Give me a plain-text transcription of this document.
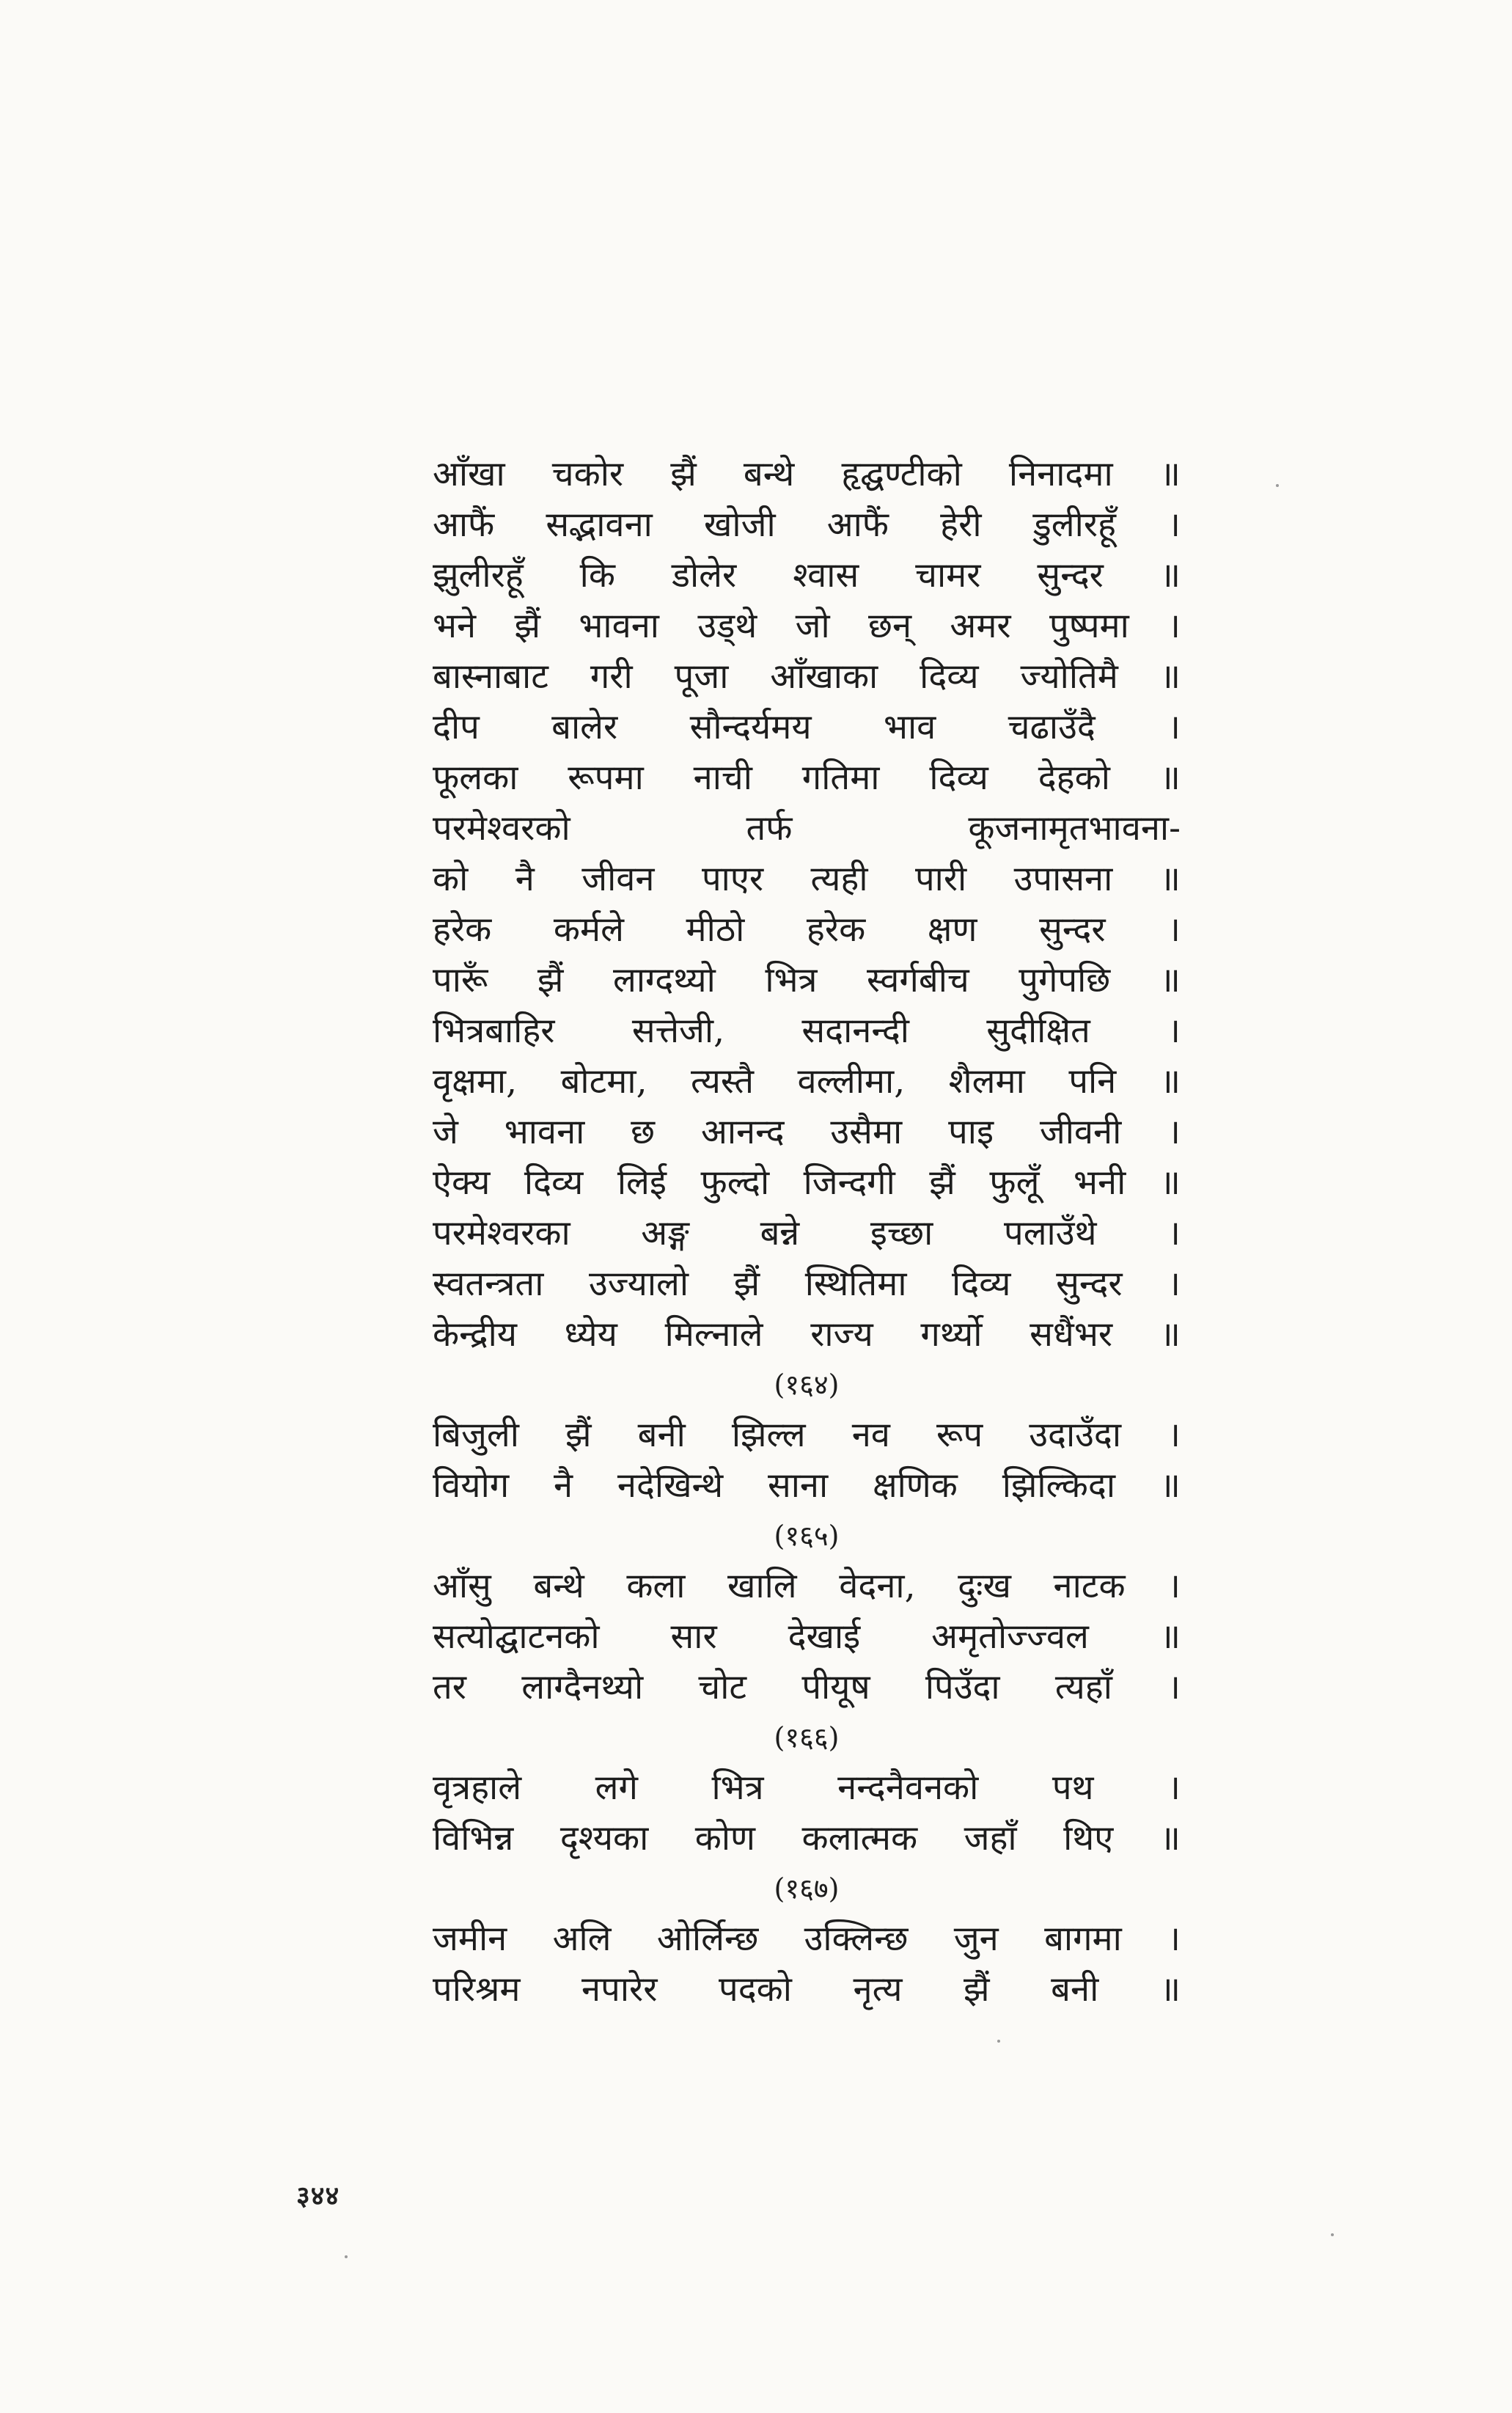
आँखा चकोर झैं बन्थे हृद्घण्टीको निनादमा ॥
आफैं सद्भावना खोजी आफैं हेरी डुलीरहूँ ।
झुलीरहूँ कि डोलेर श्वास चामर सुन्दर ॥
भने झैं भावना उड्थे जो छन् अमर पुष्पमा ।
बास्नाबाट गरी पूजा आँखाका दिव्य ज्योतिमै ॥
दीप बालेर सौन्दर्यमय भाव चढाउँदै ।
फूलका रूपमा नाची गतिमा दिव्य देहको ॥
परमेश्वरको	तर्फ	कूजनामृतभावना-
को नै जीवन पाएर त्यही पारी उपासना ॥
हरेक कर्मले मीठो हरेक क्षण सुन्दर ।
पारूँ झैं लाग्दथ्यो भित्र स्वर्गबीच पुगेपछि ॥
भित्रबाहिर सत्तेजी, सदानन्दी सुदीक्षित ।
वृक्षमा, बोटमा, त्यस्तै वल्लीमा, शैलमा पनि ॥
जे भावना छ आनन्द उसैमा पाइ जीवनी ।
ऐक्य दिव्य लिई फुल्दो जिन्दगी झैं फुलूँ भनी ॥
परमेश्वरका अङ्ग बन्ने इच्छा पलाउँथे ।
स्वतन्त्रता उज्यालो झैं स्थितिमा दिव्य सुन्दर ।
केन्द्रीय ध्येय मिल्नाले राज्य गर्थ्यो सधैंभर ॥
(१६४)
बिजुली झैं बनी झिल्ल नव रूप उदाउँदा ।
वियोग नै नदेखिन्थे साना क्षणिक झिल्किदा ॥
(१६५)
आँसु बन्थे कला खालि वेदना, दुःख नाटक ।
सत्योद्घाटनको सार देखाई अमृतोज्ज्वल ॥
तर लाग्दैनथ्यो चोट पीयूष पिउँदा त्यहाँ ।
(१६६)
वृत्रहाले लगे भित्र नन्दनैवनको पथ ।
विभिन्न दृश्यका कोण कलात्मक जहाँ थिए ॥
(१६७)
जमीन अलि ओर्लिन्छ उक्लिन्छ जुन बागमा ।
परिश्रम नपारेर पदको नृत्य झैं बनी ॥
३४४
